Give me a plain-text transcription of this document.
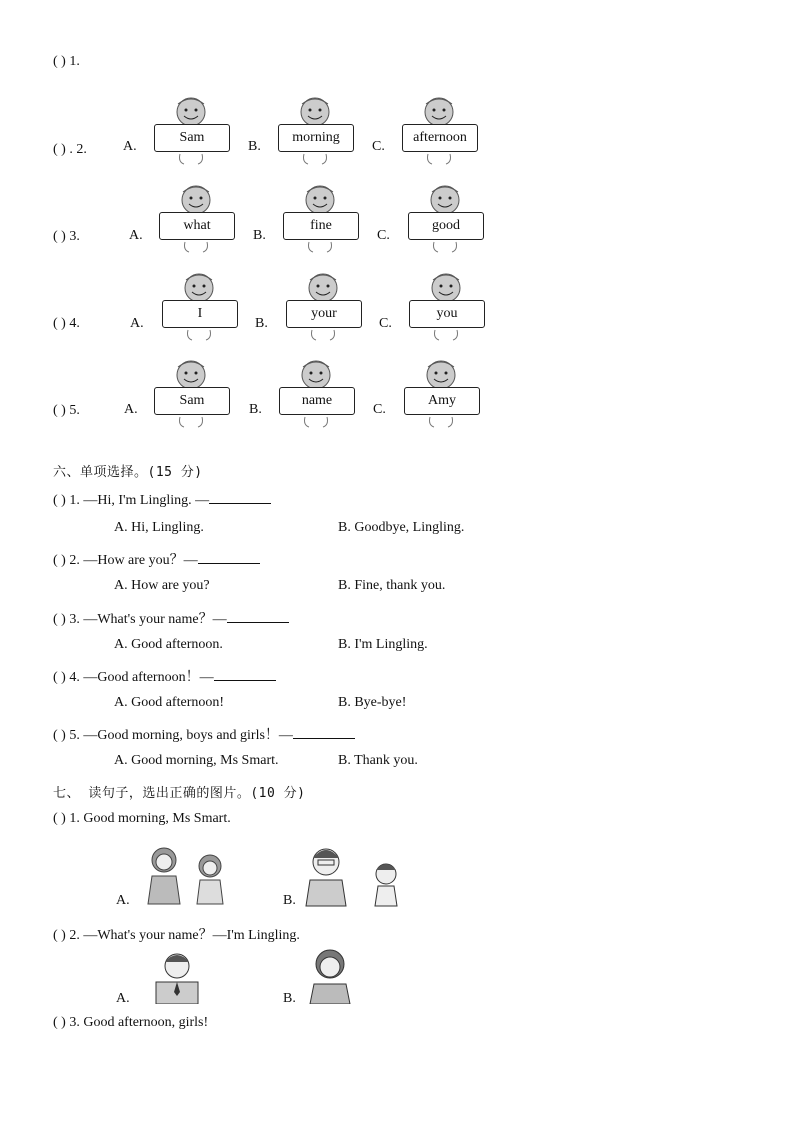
( ) 1.
( ) . 2.	A.
Sam
B.
morning
C.
afternoon
( ) 3.	A.
what
B.
fine
C.
good
( ) 4.	A.
I
B.
your
C.
you
( ) 5.	A.
Sam
B.
name
C.
Amy
六、单项选择。(15 分)
( ) 1. —Hi, I'm Lingling. —
A. Hi, Lingling.	B. Goodbye, Lingling.
( ) 2. —How are you？—
A. How are you?	B. Fine, thank you.
( ) 3. —What's your name？—
A. Good afternoon.	B. I'm Lingling.
( ) 4. —Good afternoon！—
A. Good afternoon!	B. Bye-bye!
( ) 5. —Good morning, boys and girls！—
A. Good morning, Ms Smart.	B. Thank you.
七、 读句子，选出正确的图片。(10 分)
( ) 1. Good morning, Ms Smart.
A.	B.
( ) 2. —What's your name？—I'm Lingling.
A.	B.
( ) 3. Good afternoon, girls!
